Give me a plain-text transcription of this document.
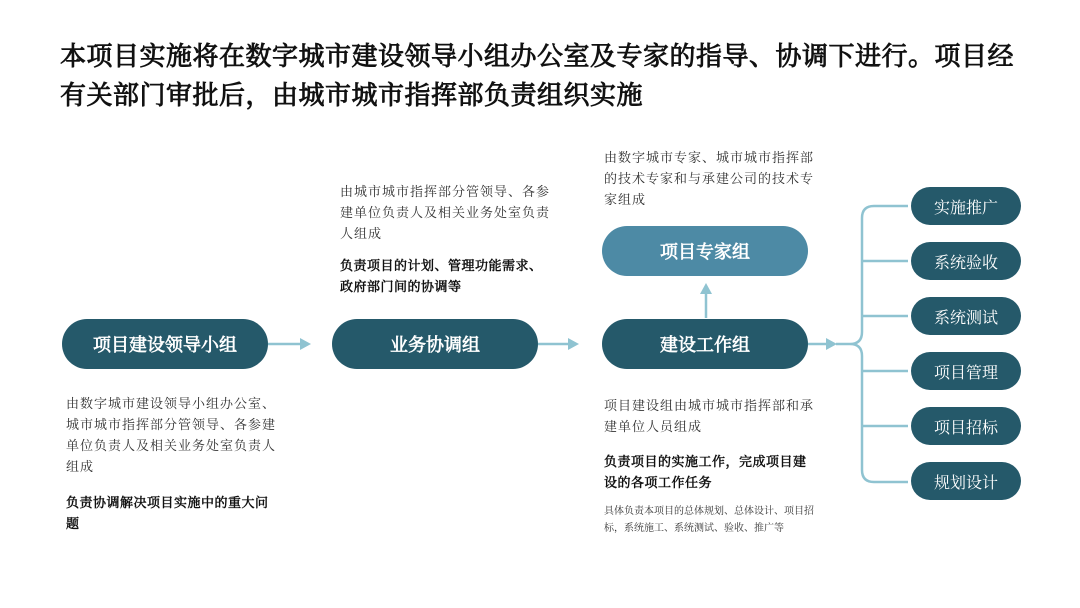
本项目实施将在数字城市建设领导小组办公室及专家的指导、协调下进行。项目经有关部门审批后，由城市城市指挥部负责组织实施
项目建设领导小组
由数字城市建设领导小组办公室、城市城市指挥部分管领导、各参建单位负责人及相关业务处室负责人组成
负责协调解决项目实施中的重大问题
由城市城市指挥部分管领导、各参建单位负责人及相关业务处室负责人组成
负责项目的计划、管理功能需求、政府部门间的协调等
业务协调组
由数字城市专家、城市城市指挥部的技术专家和与承建公司的技术专家组成
项目专家组
建设工作组
项目建设组由城市城市指挥部和承建单位人员组成
负责项目的实施工作，完成项目建设的各项工作任务
具体负责本项目的总体规划、总体设计、项目招标，系统施工、系统测试、验收、推广等
实施推广
系统验收
系统测试
项目管理
项目招标
规划设计
